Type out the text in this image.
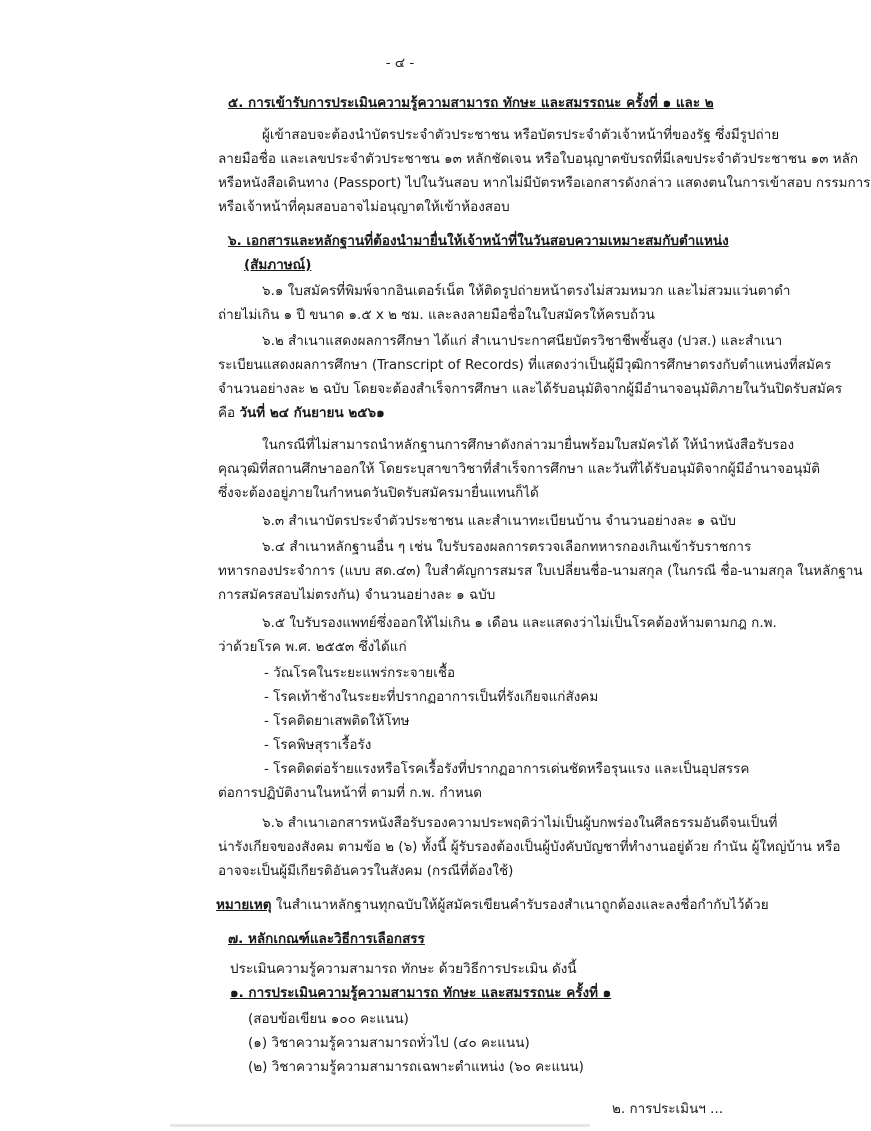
- ๔ -
๕. การเข้ารับการประเมินความรู้ความสามารถ ทักษะ และสมรรถนะ ครั้งที่ ๑ และ ๒
ผู้เข้าสอบจะต้องนำบัตรประจำตัวประชาชน หรือบัตรประจำตัวเจ้าหน้าที่ของรัฐ ซึ่งมีรูปถ่าย
ลายมือชื่อ และเลขประจำตัวประชาชน ๑๓ หลักชัดเจน หรือใบอนุญาตขับรถที่มีเลขประจำตัวประชาชน ๑๓ หลัก
หรือหนังสือเดินทาง (Passport) ไปในวันสอบ หากไม่มีบัตรหรือเอกสารดังกล่าว แสดงตนในการเข้าสอบ กรรมการ
หรือเจ้าหน้าที่คุมสอบอาจไม่อนุญาตให้เข้าห้องสอบ
๖. เอกสารและหลักฐานที่ต้องนำมายื่นให้เจ้าหน้าที่ในวันสอบความเหมาะสมกับตำแหน่ง
(สัมภาษณ์)
๖.๑ ใบสมัครที่พิมพ์จากอินเตอร์เน็ต ให้ติดรูปถ่ายหน้าตรงไม่สวมหมวก และไม่สวมแว่นตาดำ
ถ่ายไม่เกิน ๑ ปี ขนาด ๑.๕ x ๒ ซม. และลงลายมือชื่อในใบสมัครให้ครบถ้วน
๖.๒ สำเนาแสดงผลการศึกษา ได้แก่ สำเนาประกาศนียบัตรวิชาชีพชั้นสูง (ปวส.) และสำเนา
ระเบียนแสดงผลการศึกษา (Transcript of Records) ที่แสดงว่าเป็นผู้มีวุฒิการศึกษาตรงกับตำแหน่งที่สมัคร
จำนวนอย่างละ ๒ ฉบับ โดยจะต้องสำเร็จการศึกษา และได้รับอนุมัติจากผู้มีอำนาจอนุมัติภายในวันปิดรับสมัคร
คือ วันที่ ๒๔ กันยายน ๒๕๖๑
ในกรณีที่ไม่สามารถนำหลักฐานการศึกษาดังกล่าวมายื่นพร้อมใบสมัครได้ ให้นำหนังสือรับรอง
คุณวุฒิที่สถานศึกษาออกให้ โดยระบุสาขาวิชาที่สำเร็จการศึกษา และวันที่ได้รับอนุมัติจากผู้มีอำนาจอนุมัติ
ซึ่งจะต้องอยู่ภายในกำหนดวันปิดรับสมัครมายื่นแทนก็ได้
๖.๓ สำเนาบัตรประจำตัวประชาชน และสำเนาทะเบียนบ้าน จำนวนอย่างละ ๑ ฉบับ
๖.๔ สำเนาหลักฐานอื่น ๆ เช่น ใบรับรองผลการตรวจเลือกทหารกองเกินเข้ารับราชการ
ทหารกองประจำการ (แบบ สด.๔๓) ใบสำคัญการสมรส ใบเปลี่ยนชื่อ-นามสกุล (ในกรณี ชื่อ-นามสกุล ในหลักฐาน
การสมัครสอบไม่ตรงกัน) จำนวนอย่างละ ๑ ฉบับ
๖.๕ ใบรับรองแพทย์ซึ่งออกให้ไม่เกิน ๑ เดือน และแสดงว่าไม่เป็นโรคต้องห้ามตามกฎ ก.พ.
ว่าด้วยโรค พ.ศ. ๒๕๕๓ ซึ่งได้แก่
- วัณโรคในระยะแพร่กระจายเชื้อ
- โรคเท้าช้างในระยะที่ปรากฏอาการเป็นที่รังเกียจแก่สังคม
- โรคติดยาเสพติดให้โทษ
- โรคพิษสุราเรื้อรัง
- โรคติดต่อร้ายแรงหรือโรคเรื้อรังที่ปรากฏอาการเด่นชัดหรือรุนแรง และเป็นอุปสรรค
ต่อการปฏิบัติงานในหน้าที่ ตามที่ ก.พ. กำหนด
๖.๖ สำเนาเอกสารหนังสือรับรองความประพฤติว่าไม่เป็นผู้บกพร่องในศีลธรรมอันดีจนเป็นที่
น่ารังเกียจของสังคม ตามข้อ ๒ (๖) ทั้งนี้ ผู้รับรองต้องเป็นผู้บังคับบัญชาที่ทำงานอยู่ด้วย กำนัน ผู้ใหญ่บ้าน หรือ
อาจจะเป็นผู้มีเกียรติอันควรในสังคม (กรณีที่ต้องใช้)
หมายเหตุ ในสำเนาหลักฐานทุกฉบับให้ผู้สมัครเขียนคำรับรองสำเนาถูกต้องและลงชื่อกำกับไว้ด้วย
๗. หลักเกณฑ์และวิธีการเลือกสรร
ประเมินความรู้ความสามารถ ทักษะ ด้วยวิธีการประเมิน ดังนี้
๑. การประเมินความรู้ความสามารถ ทักษะ และสมรรถนะ ครั้งที่ ๑
(สอบข้อเขียน ๑๐๐ คะแนน)
(๑) วิชาความรู้ความสามารถทั่วไป (๔๐ คะแนน)
(๒) วิชาความรู้ความสามารถเฉพาะตำแหน่ง (๖๐ คะแนน)
๒. การประเมินฯ ...
